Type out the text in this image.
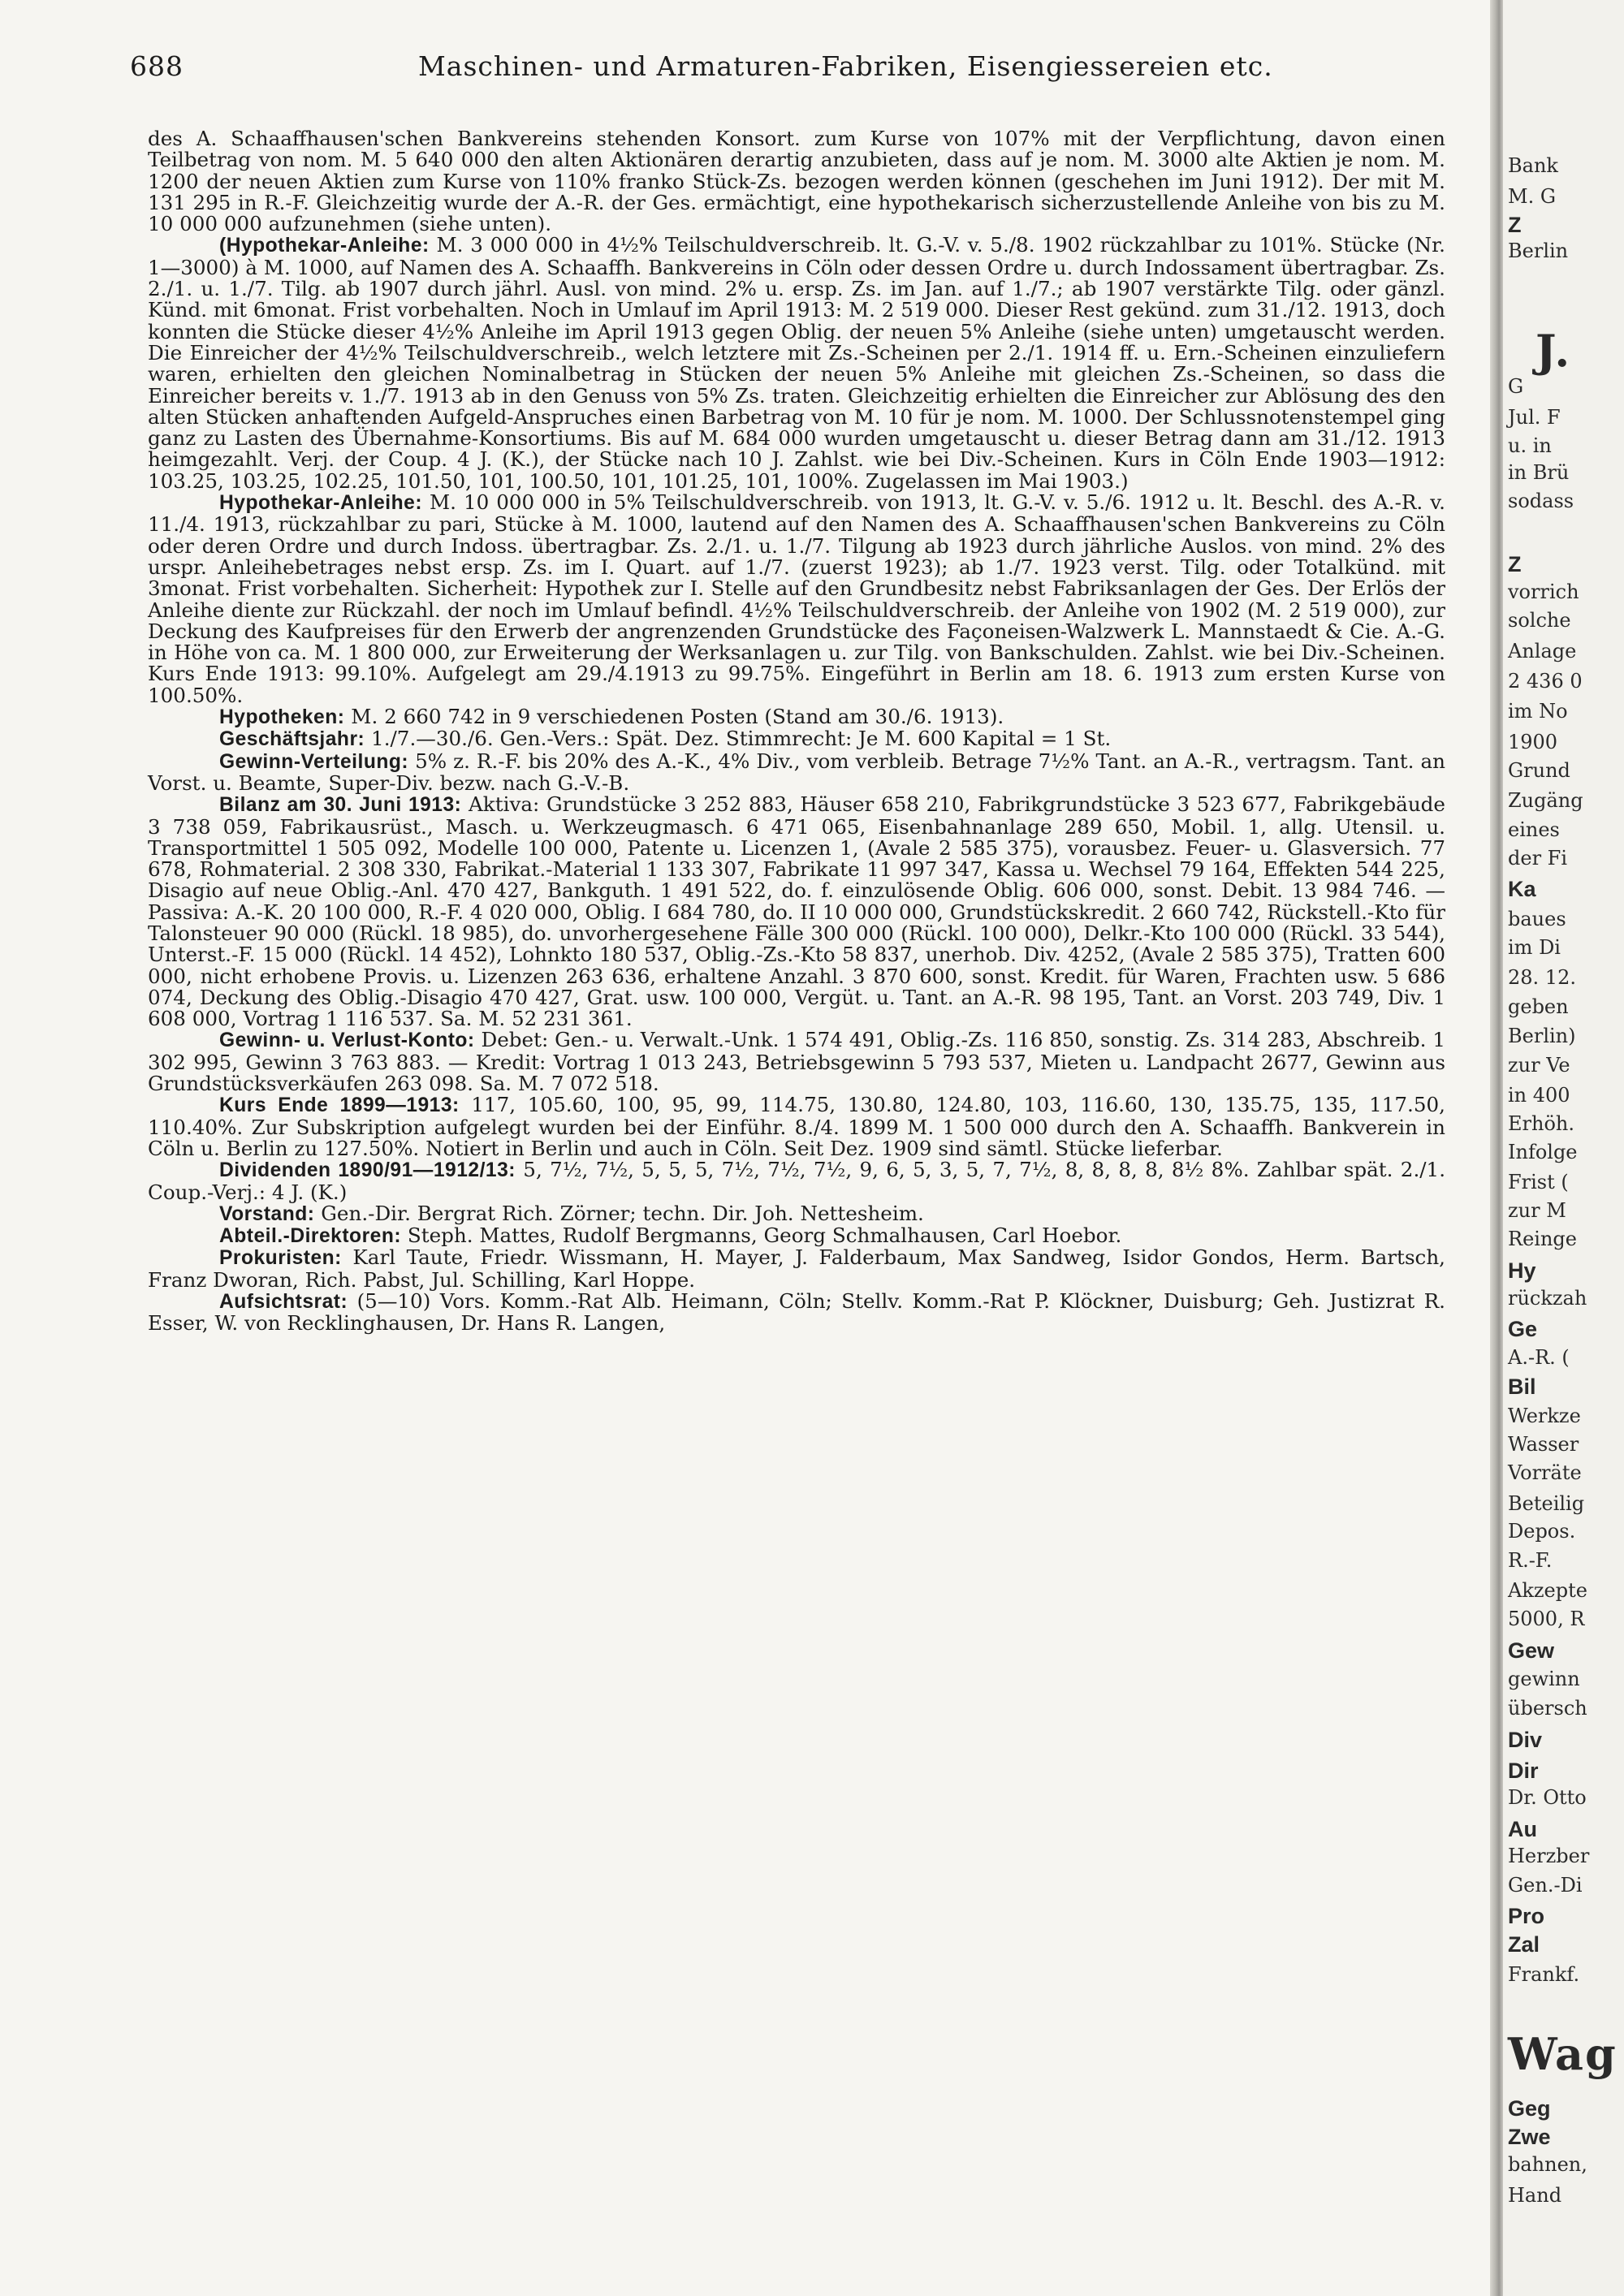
688	Maschinen- und Armaturen-Fabriken, Eisengiessereien etc.

des A. Schaaffhausen'schen Bankvereins stehenden Konsort. zum Kurse von 107% mit der Verpflichtung, davon einen Teilbetrag von nom. M. 5 640 000 den alten Aktionären derartig anzubieten, dass auf je nom. M. 3000 alte Aktien je nom. M. 1200 der neuen Aktien zum Kurse von 110% franko Stück-Zs. bezogen werden können (geschehen im Juni 1912). Der mit M. 131 295 in R.-F. Gleichzeitig wurde der A.-R. der Ges. ermächtigt, eine hypothekarisch sicherzustellende Anleihe von bis zu M. 10 000 000 aufzunehmen (siehe unten).

(Hypothekar-Anleihe: M. 3 000 000 in 4½% Teilschuldverschreib. lt. G.-V. v. 5./8. 1902 rückzahlbar zu 101%. Stücke (Nr. 1—3000) à M. 1000, auf Namen des A. Schaaffh. Bankvereins in Cöln oder dessen Ordre u. durch Indossament übertragbar. Zs. 2./1. u. 1./7. Tilg. ab 1907 durch jährl. Ausl. von mind. 2% u. ersp. Zs. im Jan. auf 1./7.; ab 1907 verstärkte Tilg. oder gänzl. Künd. mit 6monat. Frist vorbehalten. Noch in Umlauf im April 1913: M. 2 519 000. Dieser Rest gekünd. zum 31./12. 1913, doch konnten die Stücke dieser 4½% Anleihe im April 1913 gegen Oblig. der neuen 5% Anleihe (siehe unten) umgetauscht werden. Die Einreicher der 4½% Teilschuldverschreib., welch letztere mit Zs.-Scheinen per 2./1. 1914 ff. u. Ern.-Scheinen einzuliefern waren, erhielten den gleichen Nominalbetrag in Stücken der neuen 5% Anleihe mit gleichen Zs.-Scheinen, so dass die Einreicher bereits v. 1./7. 1913 ab in den Genuss von 5% Zs. traten. Gleichzeitig erhielten die Einreicher zur Ablösung des den alten Stücken anhaftenden Aufgeld-Anspruches einen Barbetrag von M. 10 für je nom. M. 1000. Der Schlussnotenstempel ging ganz zu Lasten des Übernahme-Konsortiums. Bis auf M. 684 000 wurden umgetauscht u. dieser Betrag dann am 31./12. 1913 heimgezahlt. Verj. der Coup. 4 J. (K.), der Stücke nach 10 J. Zahlst. wie bei Div.-Scheinen. Kurs in Cöln Ende 1903—1912: 103.25, 103.25, 102.25, 101.50, 101, 100.50, 101, 101.25, 101, 100%. Zugelassen im Mai 1903.)

Hypothekar-Anleihe: M. 10 000 000 in 5% Teilschuldverschreib. von 1913, lt. G.-V. v. 5./6. 1912 u. lt. Beschl. des A.-R. v. 11./4. 1913, rückzahlbar zu pari, Stücke à M. 1000, lautend auf den Namen des A. Schaaffhausen'schen Bankvereins zu Cöln oder deren Ordre und durch Indoss. übertragbar. Zs. 2./1. u. 1./7. Tilgung ab 1923 durch jährliche Auslos. von mind. 2% des urspr. Anleihebetrages nebst ersp. Zs. im I. Quart. auf 1./7. (zuerst 1923); ab 1./7. 1923 verst. Tilg. oder Totalkünd. mit 3monat. Frist vorbehalten. Sicherheit: Hypothek zur I. Stelle auf den Grundbesitz nebst Fabriksanlagen der Ges. Der Erlös der Anleihe diente zur Rückzahl. der noch im Umlauf befindl. 4½% Teilschuldverschreib. der Anleihe von 1902 (M. 2 519 000), zur Deckung des Kaufpreises für den Erwerb der angrenzenden Grundstücke des Façoneisen-Walzwerk L. Mannstaedt & Cie. A.-G. in Höhe von ca. M. 1 800 000, zur Erweiterung der Werksanlagen u. zur Tilg. von Bankschulden. Zahlst. wie bei Div.-Scheinen. Kurs Ende 1913: 99.10%. Aufgelegt am 29./4.1913 zu 99.75%. Eingeführt in Berlin am 18. 6. 1913 zum ersten Kurse von 100.50%.

Hypotheken: M. 2 660 742 in 9 verschiedenen Posten (Stand am 30./6. 1913).

Geschäftsjahr: 1./7.—30./6. Gen.-Vers.: Spät. Dez. Stimmrecht: Je M. 600 Kapital = 1 St.

Gewinn-Verteilung: 5% z. R.-F. bis 20% des A.-K., 4% Div., vom verbleib. Betrage 7½% Tant. an A.-R., vertragsm. Tant. an Vorst. u. Beamte, Super-Div. bezw. nach G.-V.-B.

Bilanz am 30. Juni 1913: Aktiva: Grundstücke 3 252 883, Häuser 658 210, Fabrikgrundstücke 3 523 677, Fabrikgebäude 3 738 059, Fabrikausrüst., Masch. u. Werkzeugmasch. 6 471 065, Eisenbahnanlage 289 650, Mobil. 1, allg. Utensil. u. Transportmittel 1 505 092, Modelle 100 000, Patente u. Licenzen 1, (Avale 2 585 375), vorausbez. Feuer- u. Glasversich. 77 678, Rohmaterial. 2 308 330, Fabrikat.-Material 1 133 307, Fabrikate 11 997 347, Kassa u. Wechsel 79 164, Effekten 544 225, Disagio auf neue Oblig.-Anl. 470 427, Bankguth. 1 491 522, do. f. einzulösende Oblig. 606 000, sonst. Debit. 13 984 746. — Passiva: A.-K. 20 100 000, R.-F. 4 020 000, Oblig. I 684 780, do. II 10 000 000, Grundstückskredit. 2 660 742, Rückstell.-Kto für Talonsteuer 90 000 (Rückl. 18 985), do. unvorhergesehene Fälle 300 000 (Rückl. 100 000), Delkr.-Kto 100 000 (Rückl. 33 544), Unterst.-F. 15 000 (Rückl. 14 452), Lohnkto 180 537, Oblig.-Zs.-Kto 58 837, unerhob. Div. 4252, (Avale 2 585 375), Tratten 600 000, nicht erhobene Provis. u. Lizenzen 263 636, erhaltene Anzahl. 3 870 600, sonst. Kredit. für Waren, Frachten usw. 5 686 074, Deckung des Oblig.-Disagio 470 427, Grat. usw. 100 000, Vergüt. u. Tant. an A.-R. 98 195, Tant. an Vorst. 203 749, Div. 1 608 000, Vortrag 1 116 537. Sa. M. 52 231 361.

Gewinn- u. Verlust-Konto: Debet: Gen.- u. Verwalt.-Unk. 1 574 491, Oblig.-Zs. 116 850, sonstig. Zs. 314 283, Abschreib. 1 302 995, Gewinn 3 763 883. — Kredit: Vortrag 1 013 243, Betriebsgewinn 5 793 537, Mieten u. Landpacht 2677, Gewinn aus Grundstücksverkäufen 263 098. Sa. M. 7 072 518.

Kurs Ende 1899—1913: 117, 105.60, 100, 95, 99, 114.75, 130.80, 124.80, 103, 116.60, 130, 135.75, 135, 117.50, 110.40%. Zur Subskription aufgelegt wurden bei der Einführ. 8./4. 1899 M. 1 500 000 durch den A. Schaaffh. Bankverein in Cöln u. Berlin zu 127.50%. Notiert in Berlin und auch in Cöln. Seit Dez. 1909 sind sämtl. Stücke lieferbar.

Dividenden 1890/91—1912/13: 5, 7½, 7½, 5, 5, 5, 7½, 7½, 7½, 9, 6, 5, 3, 5, 7, 7½, 8, 8, 8, 8, 8½ 8%. Zahlbar spät. 2./1. Coup.-Verj.: 4 J. (K.)

Vorstand: Gen.-Dir. Bergrat Rich. Zörner; techn. Dir. Joh. Nettesheim.

Abteil.-Direktoren: Steph. Mattes, Rudolf Bergmanns, Georg Schmalhausen, Carl Hoebor.

Prokuristen: Karl Taute, Friedr. Wissmann, H. Mayer, J. Falderbaum, Max Sandweg, Isidor Gondos, Herm. Bartsch, Franz Dworan, Rich. Pabst, Jul. Schilling, Karl Hoppe.

Aufsichtsrat: (5—10) Vors. Komm.-Rat Alb. Heimann, Cöln; Stellv. Komm.-Rat P. Klöckner, Duisburg; Geh. Justizrat R. Esser, W. von Recklinghausen, Dr. Hans R. Langen,

Bank
M. G
Z
Berlin
J.
G
Jul. F
u. in
in Brü
sodass
Z
vorrich
solche
Anlage
2 436 0
im No
1900
Grund
Zugäng
eines
der Fi
Ka
baues
im Di
28. 12.
geben
Berlin)
zur Ve
in 400
Erhöh.
Infolge
Frist (
zur M
Reinge
Hy
rückzah
Ge
A.-R. (
Bil
Werkze
Wasser
Vorräte
Beteilig
Depos.
R.-F.
Akzepte
5000, R
Gew
gewinn
übersch
Div
Dir
Dr. Otto
Au
Herzber
Gen.-Di
Pro
Zal
Frankf.
Wag
Geg
Zwe
bahnen,
Hand
